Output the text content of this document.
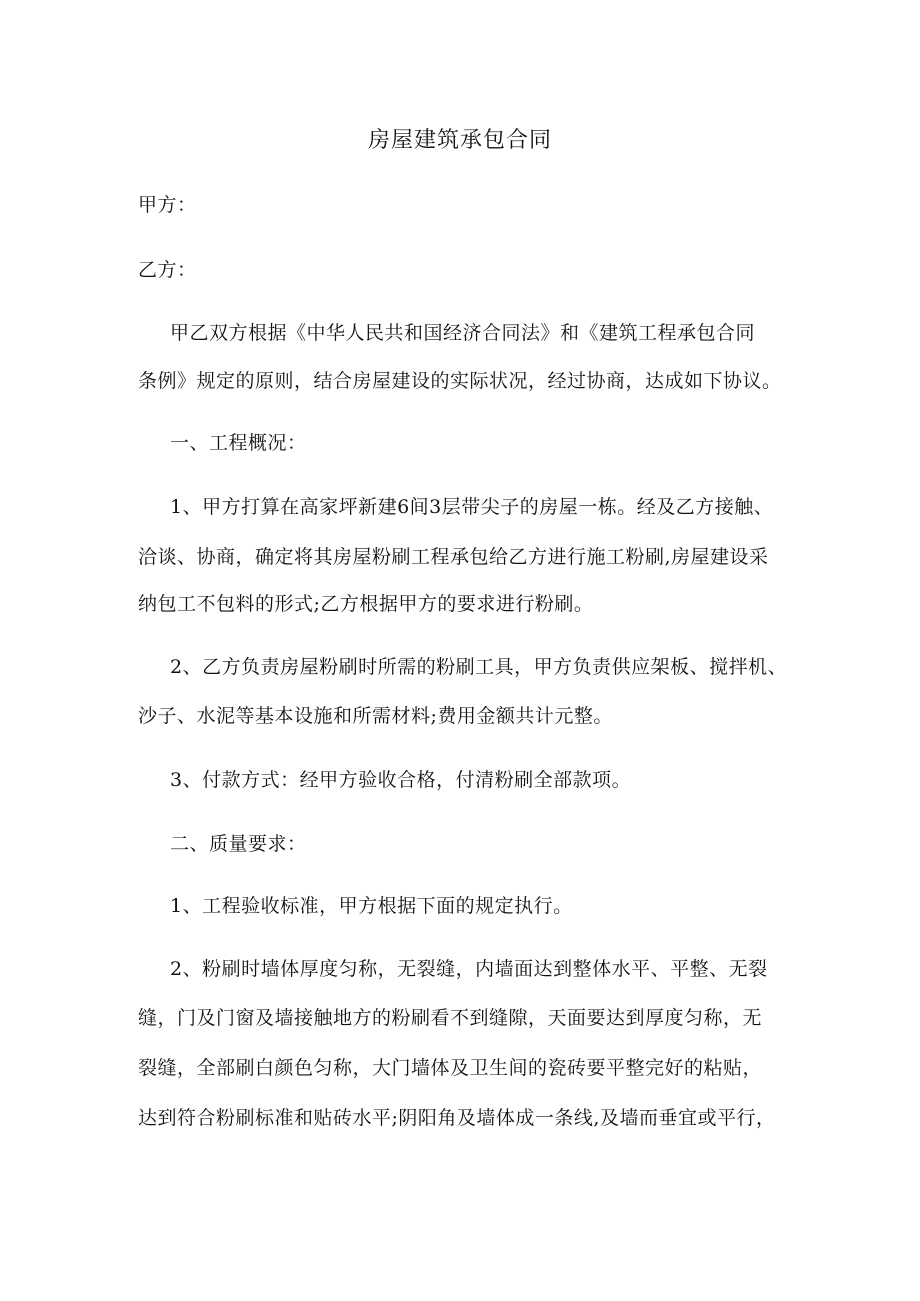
房屋建筑承包合同
甲方：
乙方：
甲乙双方根据《中华人民共和国经济合同法》和《建筑工程承包合同
条例》规定的原则，结合房屋建设的实际状况，经过协商，达成如下协议。
一、工程概况：
1、甲方打算在高家坪新建6间3层带尖子的房屋一栋。经及乙方接触、
洽谈、协商，确定将其房屋粉刷工程承包给乙方进行施工粉刷,房屋建设采
纳包工不包料的形式;乙方根据甲方的要求进行粉刷。
2、乙方负责房屋粉刷时所需的粉刷工具，甲方负责供应架板、搅拌机、
沙子、水泥等基本设施和所需材料;费用金额共计元整。
3、付款方式：经甲方验收合格，付清粉刷全部款项。
二、质量要求：
1、工程验收标准，甲方根据下面的规定执行。
2、粉刷时墙体厚度匀称，无裂缝，内墙面达到整体水平、平整、无裂
缝，门及门窗及墙接触地方的粉刷看不到缝隙，天面要达到厚度匀称，无
裂缝，全部刷白颜色匀称，大门墙体及卫生间的瓷砖要平整完好的粘贴，
达到符合粉刷标准和贴砖水平;阴阳角及墙体成一条线,及墙而垂宜或平行，
